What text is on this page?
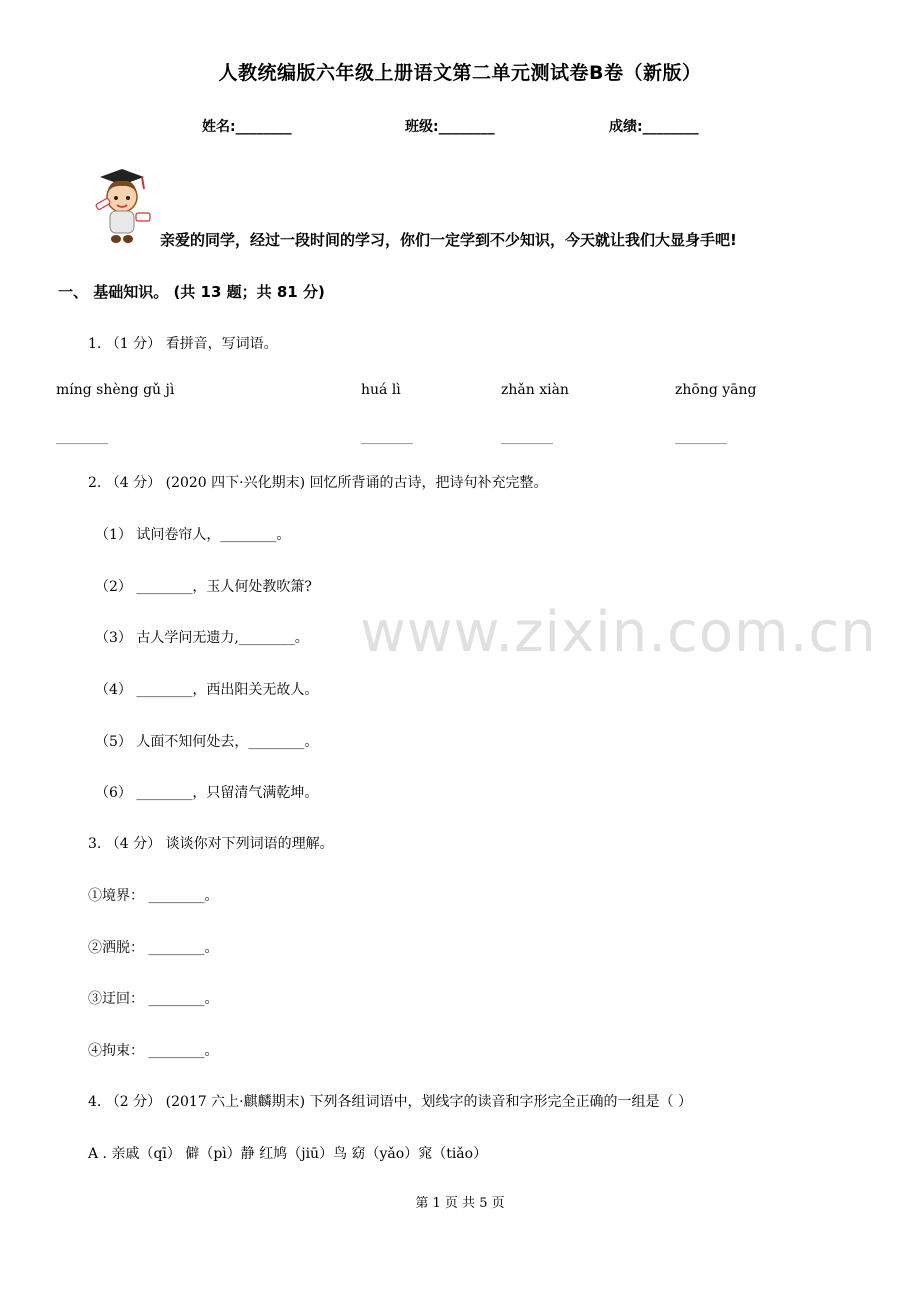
人教统编版六年级上册语文第二单元测试卷B卷（新版）
姓名:________	班级:________	成绩:________
亲爱的同学，经过一段时间的学习，你们一定学到不少知识，今天就让我们大显身手吧!
一、 基础知识。 (共 13 题；共 81 分)
1. （1 分） 看拼音，写词语。
míng shèng gǔ jì	huá lì	zhǎn xiàn	zhōng yāng
________	________	________	________
2. （4 分） (2020 四下·兴化期末) 回忆所背诵的古诗，把诗句补充完整。
（1） 试问卷帘人，________。
（2） ________，玉人何处教吹箫?
（3） 古人学问无遗力,________。
（4） ________，西出阳关无故人。
（5） 人面不知何处去，________。
（6） ________，只留清气满乾坤。
3. （4 分） 谈谈你对下列词语的理解。
①境界： ________。
②洒脱： ________。
③迂回： ________。
④拘束： ________。
4. （2 分） (2017 六上·麒麟期末) 下列各组词语中，划线字的读音和字形完全正确的一组是（ ）
A . 亲戚（qī） 僻（pì）静 红鸠（jiū）鸟 窈（yǎo）窕（tiǎo）
www.zixin.com.cn
第 1 页 共 5 页
